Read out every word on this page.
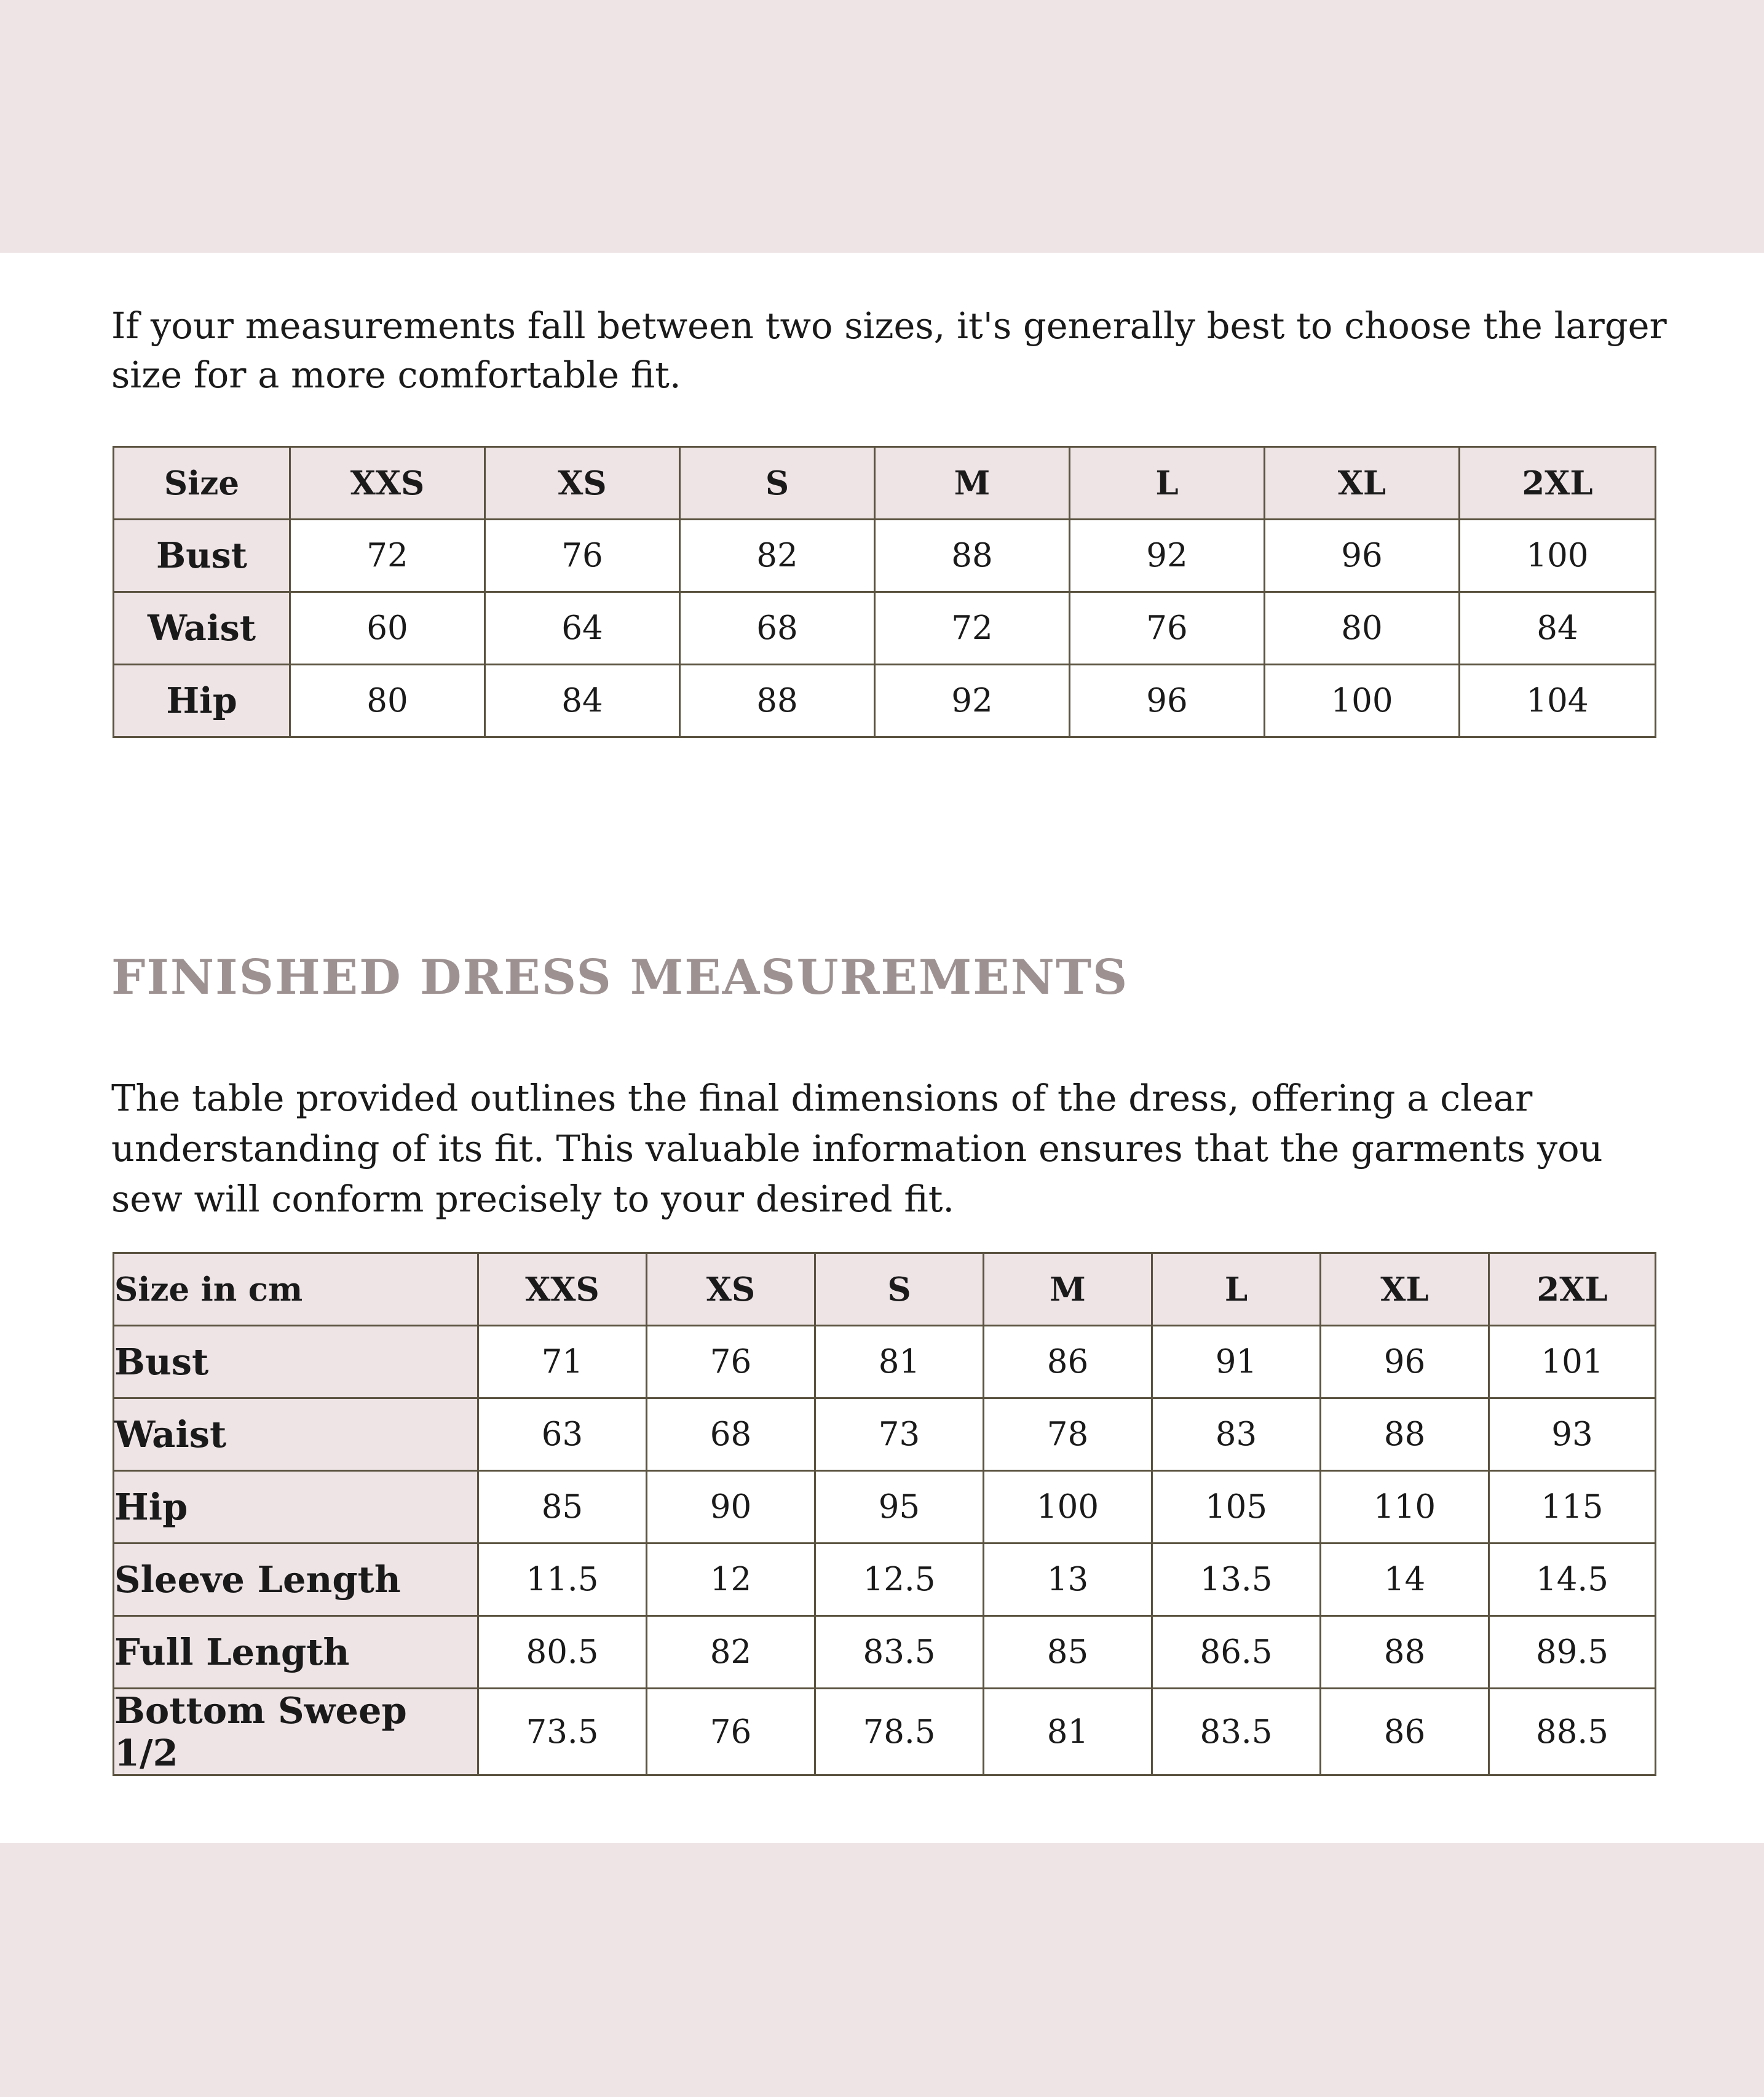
If your measurements fall between two sizes, it's generally best to choose the larger size for a more comfortable fit.

Size	XXS	XS	S	M	L	XL	2XL
Bust	72	76	82	88	92	96	100
Waist	60	64	68	72	76	80	84
Hip	80	84	88	92	96	100	104
FINISHED DRESS MEASUREMENTS

The table provided outlines the final dimensions of the dress, offering a clear understanding of its fit. This valuable information ensures that the garments you sew will conform precisely to your desired fit.

Size in cm	XXS	XS	S	M	L	XL	2XL
Bust	71	76	81	86	91	96	101
Waist	63	68	73	78	83	88	93
Hip	85	90	95	100	105	110	115
Sleeve Length	11.5	12	12.5	13	13.5	14	14.5
Full Length	80.5	82	83.5	85	86.5	88	89.5
Bottom Sweep 1/2	73.5	76	78.5	81	83.5	86	88.5
